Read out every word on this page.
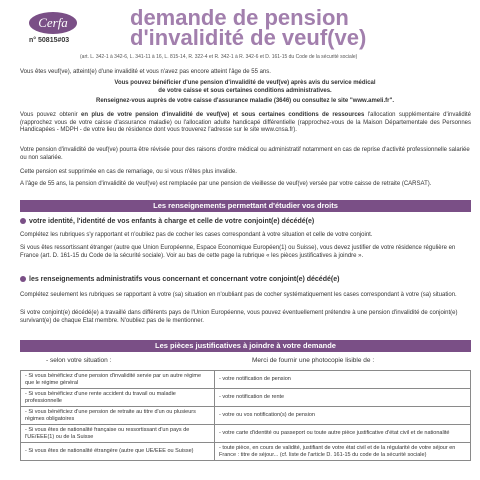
Cerfa
n° 50815#03
demande de pension
d'invalidité de veuf(ve)
(art. L. 342-1 à 342-6, L. 341-11 à 16, L. 815-14, R. 322-4 et R. 342-1 à R. 342-6 et D. 161-15 du Code de la sécurité sociale)
Vous êtes veuf(ve), atteint(e) d'une invalidité et vous n'avez pas encore atteint l'âge de 55 ans.
Vous pouvez bénéficier d'une pension d'invalidité de veuf(ve) après avis du service médical
de votre caisse et sous certaines conditions administratives.
Renseignez-vous auprès de votre caisse d'assurance maladie (3646) ou consultez le site "www.ameli.fr".
Vous pouvez obtenir en plus de votre pension d'invalidité de veuf(ve) et sous certaines conditions de ressources l'allocation supplémentaire d'invalidité (rapprochez vous de votre caisse d'assurance maladie) ou l'allocation adulte handicapé différentielle (rapprochez-vous de la Maison Départementale des Personnes Handicapées - MDPH - de votre lieu de résidence dont vous trouverez l'adresse sur le site www.cnsa.fr).
Votre pension d'invalidité de veuf(ve) pourra être révisée pour des raisons d'ordre médical ou administratif notamment en cas de reprise d'activité professionnelle salariée ou non salariée.
Cette pension est supprimée en cas de remariage, ou si vous n'êtes plus invalide.
A l'âge de 55 ans, la pension d'invalidité de veuf(ve) est remplacée par une pension de vieillesse de veuf(ve) versée par votre caisse de retraite (CARSAT).
Les renseignements permettant d'étudier vos droits
votre identité, l'identité de vos enfants à charge et celle de votre conjoint(e) décédé(e)
Complétez les rubriques s'y rapportant et n'oubliez pas de cocher les cases correspondant à votre situation et celle de votre conjoint.
Si vous êtes ressortissant étranger (autre que Union Européenne, Espace Economique Européen(1) ou Suisse), vous devez justifier de votre résidence régulière en France (art. D. 161-15 du Code de la sécurité sociale). Voir au bas de cette page la rubrique « les pièces justificatives à joindre ».
les renseignements administratifs vous concernant et concernant votre conjoint(e) décédé(e)
Complétez seulement les rubriques se rapportant à votre (sa) situation en n'oubliant pas de cocher systématiquement les cases correspondant à votre (sa) situation.
Si votre conjoint(e) décédé(e) a travaillé dans différents pays de l'Union Européenne, vous pouvez éventuellement prétendre à une pension d'invalidité de conjoint(e) survivant(e) de chaque Etat membre. N'oubliez pas de le mentionner.
Les pièces justificatives à joindre à votre demande
- selon votre situation :	Merci de fournir une photocopie lisible de :
- Si vous bénéficiez d'une pension d'invalidité servie par un autre régime que le régime général	- votre notification de pension
- Si vous bénéficiez d'une rente accident du travail ou maladie professionnelle	- votre notification de rente
- Si vous bénéficiez d'une pension de retraite au titre d'un ou plusieurs régimes obligatoires	- votre ou vos notification(s) de pension
- Si vous êtes de nationalité française ou ressortissant d'un pays de l'UE/EEE(1) ou de la Suisse	- votre carte d'identité ou passeport ou toute autre pièce justificative d'état civil et de nationalité
- Si vous êtes de nationalité étrangère (autre que UE/EEE ou Suisse)	- toute pièce, en cours de validité, justifiant de votre état civil et de la régularité de votre séjour en France : titre de séjour... (cf. liste de l'article D. 161-15 du code de la sécurité sociale)
